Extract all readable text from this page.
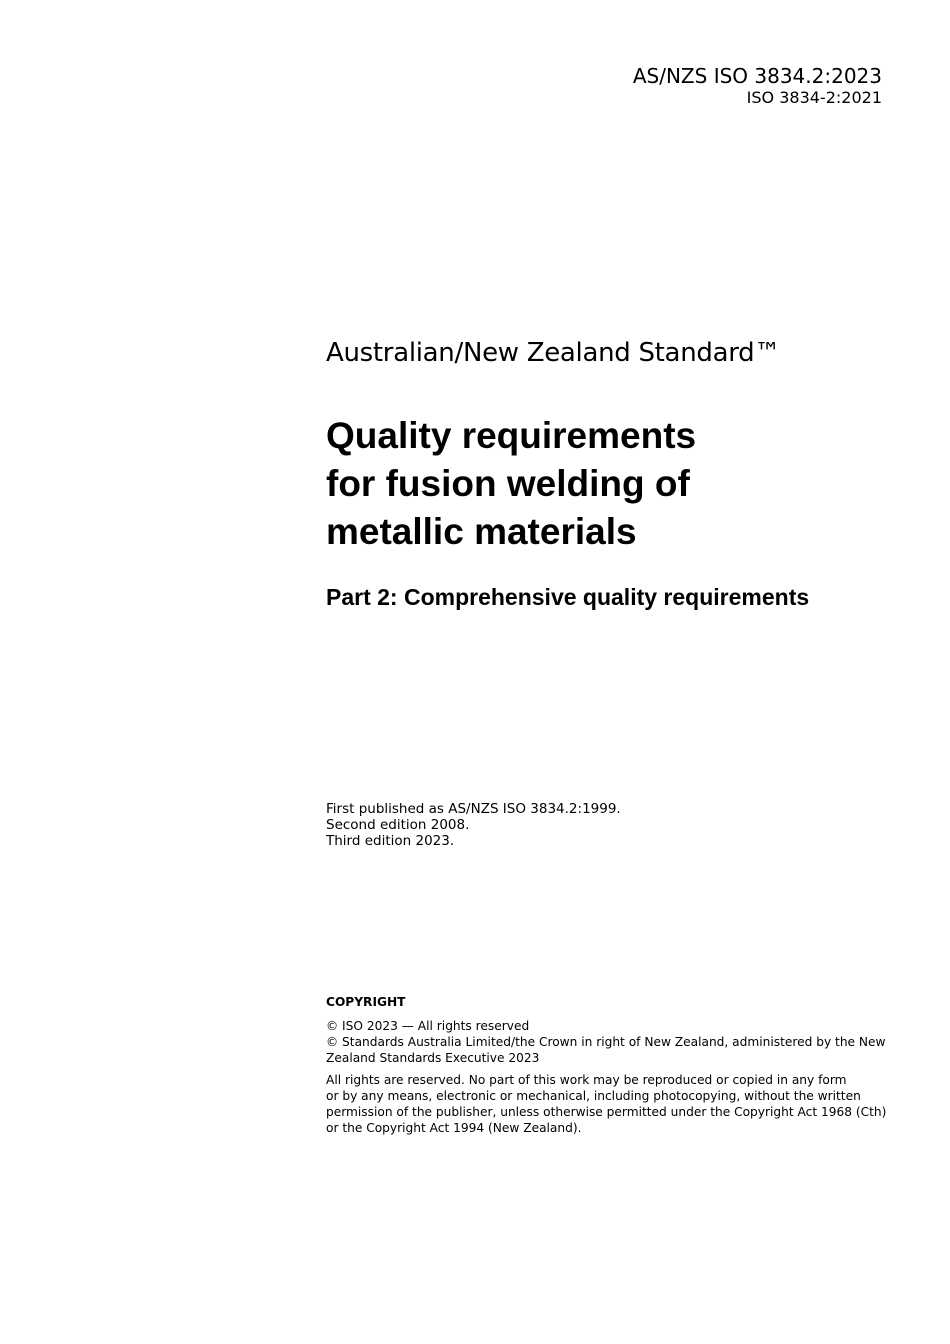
AS/NZS ISO 3834.2:2023
ISO 3834-2:2021

Australian/New Zealand Standard™

Quality requirements
for fusion welding of
metallic materials
Part 2: Comprehensive quality requirements
First published as AS/NZS ISO 3834.2:1999.
Second edition 2008.
Third edition 2023.
COPYRIGHT
© ISO 2023 — All rights reserved
© Standards Australia Limited/the Crown in right of New Zealand, administered by the New
Zealand Standards Executive 2023
All rights are reserved. No part of this work may be reproduced or copied in any form
or by any means, electronic or mechanical, including photocopying, without the written
permission of the publisher, unless otherwise permitted under the Copyright Act 1968 (Cth)
or the Copyright Act 1994 (New Zealand).
